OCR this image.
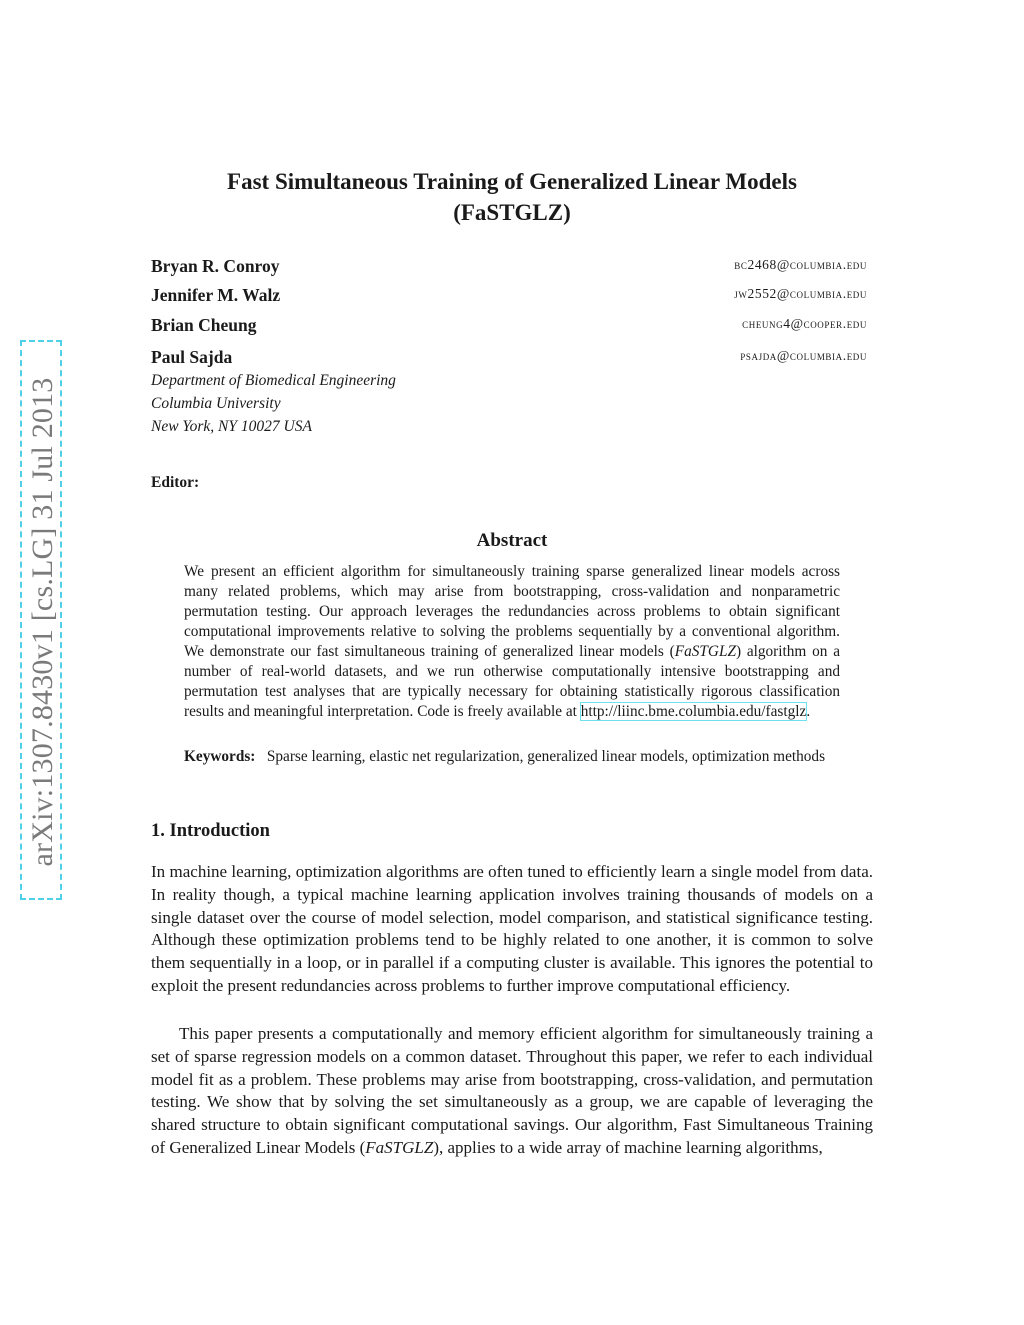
arXiv:1307.8430v1 [cs.LG] 31 Jul 2013
Fast Simultaneous Training of Generalized Linear Models
(FaSTGLZ)
Bryan R. Conroy	bc2468@columbia.edu
Jennifer M. Walz	jw2552@columbia.edu
Brian Cheung	cheung4@cooper.edu
Paul Sajda	psajda@columbia.edu
Department of Biomedical Engineering
Columbia University
New York, NY 10027 USA
Editor:
Abstract
We present an efficient algorithm for simultaneously training sparse generalized linear models across many related problems, which may arise from bootstrapping, cross-validation and nonparametric permutation testing. Our approach leverages the redundancies across problems to obtain significant computational improvements relative to solving the problems sequentially by a conventional algorithm. We demonstrate our fast simultaneous training of generalized linear models (FaSTGLZ) algorithm on a number of real-world datasets, and we run otherwise computationally intensive bootstrapping and permutation test analyses that are typically necessary for obtaining statistically rigorous classification results and meaningful interpretation. Code is freely available at http://liinc.bme.columbia.edu/fastglz.
Keywords: Sparse learning, elastic net regularization, generalized linear models, optimization methods
1. Introduction
In machine learning, optimization algorithms are often tuned to efficiently learn a single model from data. In reality though, a typical machine learning application involves training thousands of models on a single dataset over the course of model selection, model comparison, and statistical significance testing. Although these optimization problems tend to be highly related to one another, it is common to solve them sequentially in a loop, or in parallel if a computing cluster is available. This ignores the potential to exploit the present redundancies across problems to further improve computational efficiency.
This paper presents a computationally and memory efficient algorithm for simultaneously training a set of sparse regression models on a common dataset. Throughout this paper, we refer to each individual model fit as a problem. These problems may arise from bootstrapping, cross-validation, and permutation testing. We show that by solving the set simultaneously as a group, we are capable of leveraging the shared structure to obtain significant computational savings. Our algorithm, Fast Simultaneous Training of Generalized Linear Models (FaSTGLZ), applies to a wide array of machine learning algorithms,
